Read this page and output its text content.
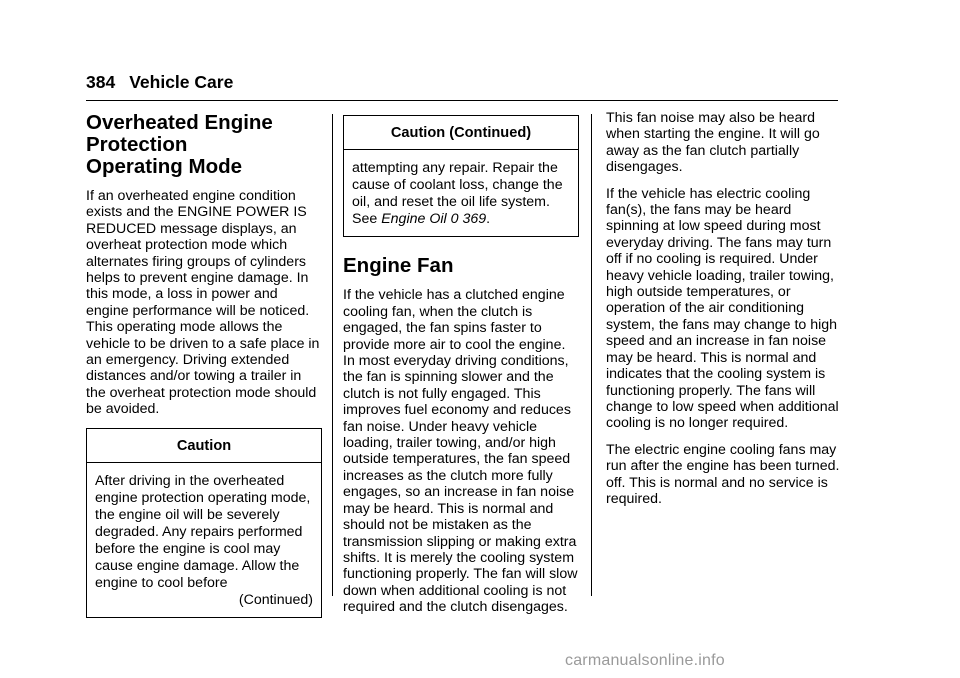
384 Vehicle Care
Overheated Engine
Protection
Operating Mode

If an overheated engine condition exists and the ENGINE POWER IS REDUCED message displays, an overheat protection mode which alternates firing groups of cylinders helps to prevent engine damage. In this mode, a loss in power and engine performance will be noticed. This operating mode allows the vehicle to be driven to a safe place in an emergency. Driving extended distances and/or towing a trailer in the overheat protection mode should be avoided.

Caution
After driving in the overheated engine protection operating mode, the engine oil will be severely degraded. Any repairs performed before the engine is cool may cause engine damage. Allow the engine to cool before
(Continued)
Caution (Continued)
attempting any repair. Repair the cause of coolant loss, change the oil, and reset the oil life system. See Engine Oil 0 369.
Engine Fan

If the vehicle has a clutched engine cooling fan, when the clutch is engaged, the fan spins faster to provide more air to cool the engine. In most everyday driving conditions, the fan is spinning slower and the clutch is not fully engaged. This improves fuel economy and reduces fan noise. Under heavy vehicle loading, trailer towing, and/or high outside temperatures, the fan speed increases as the clutch more fully engages, so an increase in fan noise may be heard. This is normal and should not be mistaken as the transmission slipping or making extra shifts. It is merely the cooling system functioning properly. The fan will slow down when additional cooling is not required and the clutch disengages.

This fan noise may also be heard when starting the engine. It will go away as the fan clutch partially disengages.

If the vehicle has electric cooling fan(s), the fans may be heard spinning at low speed during most everyday driving. The fans may turn off if no cooling is required. Under heavy vehicle loading, trailer towing, high outside temperatures, or operation of the air conditioning system, the fans may change to high speed and an increase in fan noise may be heard. This is normal and indicates that the cooling system is functioning properly. The fans will change to low speed when additional cooling is no longer required.

The electric engine cooling fans may run after the engine has been turned. off. This is normal and no service is required.

carmanualsonline.info
